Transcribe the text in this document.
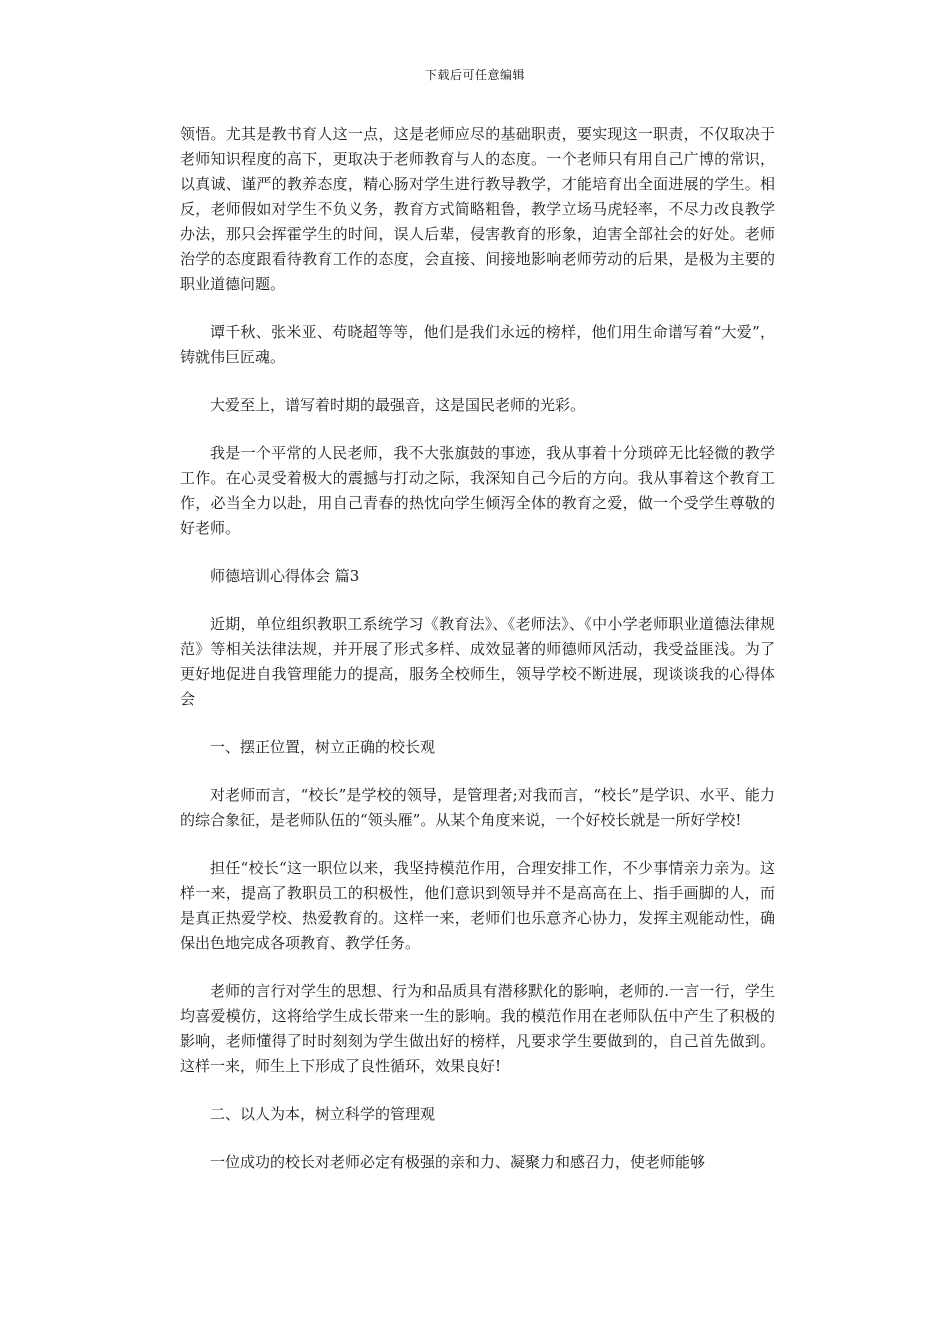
下载后可任意编辑

领悟。尤其是教书育人这一点，这是老师应尽的基础职责，要实现这一职责，不仅取决于老师知识程度的高下，更取决于老师教育与人的态度。一个老师只有用自己广博的常识，以真诚、谨严的教养态度，精心肠对学生进行教导教学，才能培育出全面进展的学生。相反，老师假如对学生不负义务，教育方式简略粗鲁，教学立场马虎轻率，不尽力改良教学办法，那只会挥霍学生的时间，误人后辈，侵害教育的形象，迫害全部社会的好处。老师治学的态度跟看待教育工作的态度，会直接、间接地影响老师劳动的后果，是极为主要的职业道德问题。

谭千秋、张米亚、苟晓超等等，他们是我们永远的榜样，他们用生命谱写着“大爱”，铸就伟巨匠魂。

大爱至上，谱写着时期的最强音，这是国民老师的光彩。

我是一个平常的人民老师，我不大张旗鼓的事迹，我从事着十分琐碎无比轻微的教学工作。在心灵受着极大的震撼与打动之际，我深知自己今后的方向。我从事着这个教育工作，必当全力以赴，用自己青春的热忱向学生倾泻全体的教育之爱，做一个受学生尊敬的好老师。

师德培训心得体会 篇3

近期，单位组织教职工系统学习《教育法》、《老师法》、《中小学老师职业道德法律规范》等相关法律法规，并开展了形式多样、成效显著的师德师风活动，我受益匪浅。为了更好地促进自我管理能力的提高，服务全校师生，领导学校不断进展，现谈谈我的心得体会

一、摆正位置，树立正确的校长观

对老师而言，“校长”是学校的领导，是管理者;对我而言，“校长”是学识、水平、能力的综合象征，是老师队伍的“领头雁”。从某个角度来说，一个好校长就是一所好学校!

担任“校长“这一职位以来，我坚持模范作用，合理安排工作，不少事情亲力亲为。这样一来，提高了教职员工的积极性，他们意识到领导并不是高高在上、指手画脚的人，而是真正热爱学校、热爱教育的。这样一来，老师们也乐意齐心协力，发挥主观能动性，确保出色地完成各项教育、教学任务。

老师的言行对学生的思想、行为和品质具有潜移默化的影响，老师的.一言一行，学生均喜爱模仿，这将给学生成长带来一生的影响。我的模范作用在老师队伍中产生了积极的影响，老师懂得了时时刻刻为学生做出好的榜样，凡要求学生要做到的，自己首先做到。这样一来，师生上下形成了良性循环，效果良好!

二、以人为本，树立科学的管理观

一位成功的校长对老师必定有极强的亲和力、凝聚力和感召力，使老师能够
